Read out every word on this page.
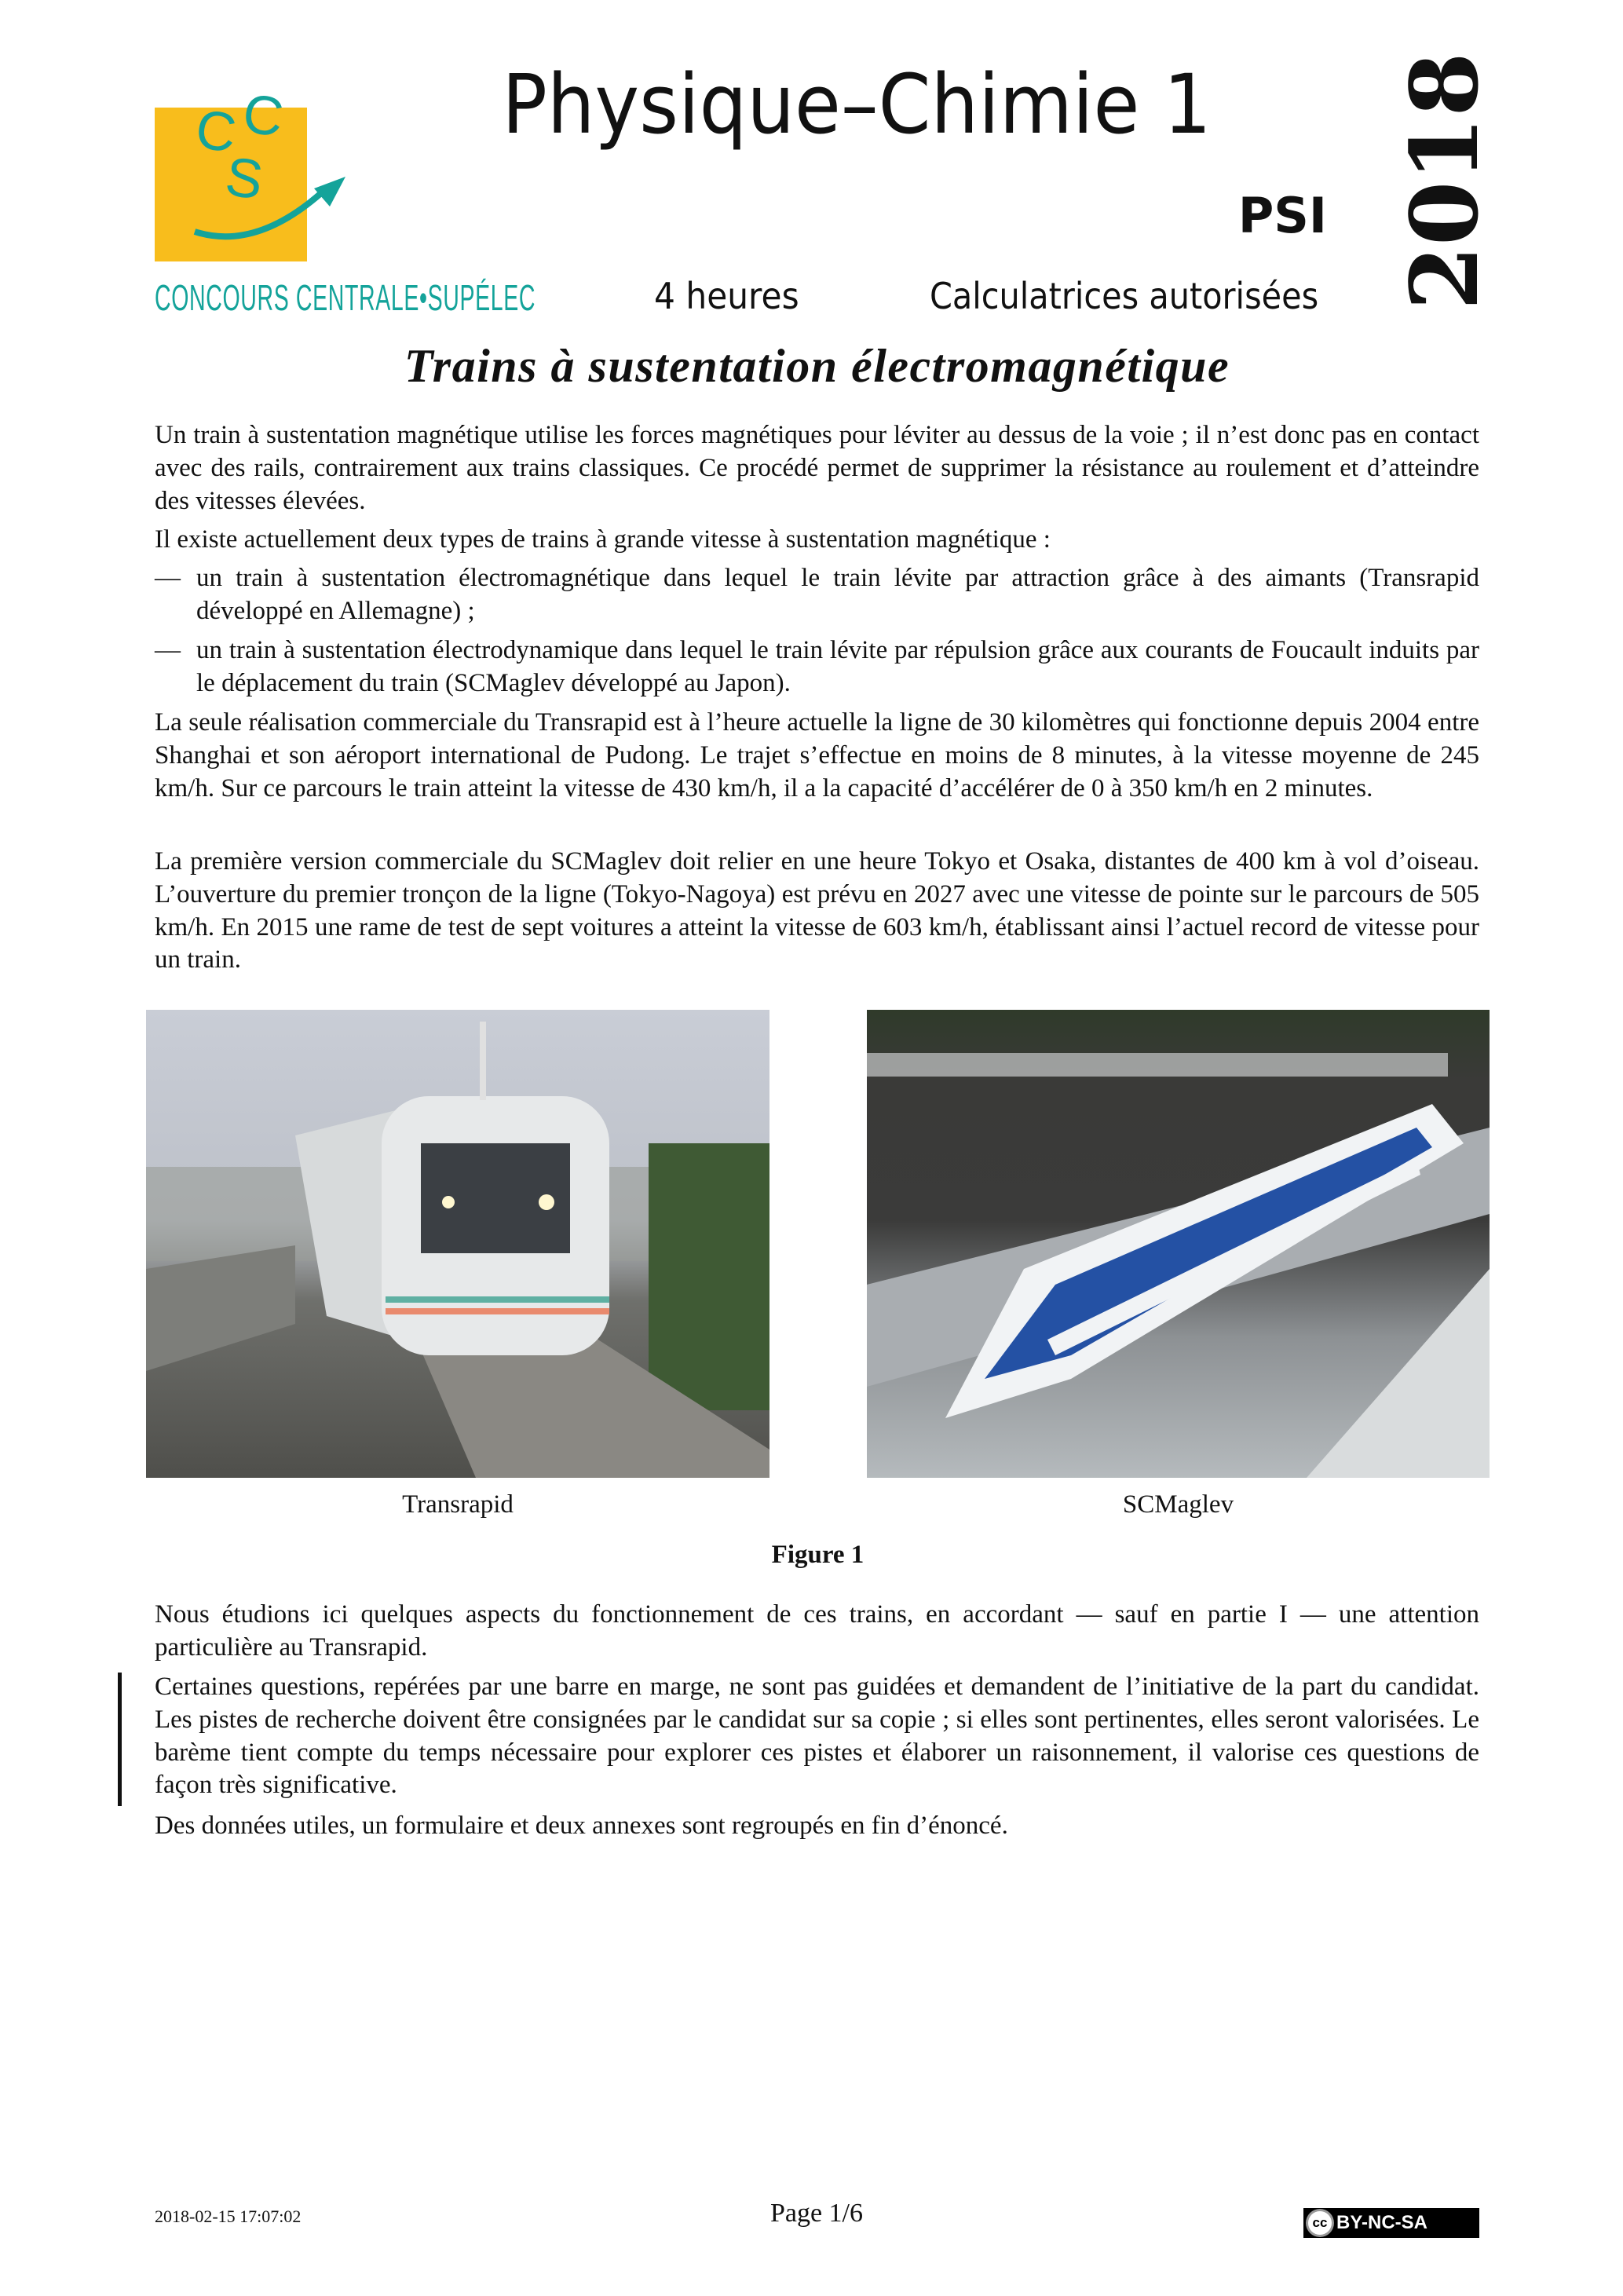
C C
S
CONCOURS CENTRALE•SUPÉLEC
Physique–Chimie 1
PSI 2018
4 heures	Calculatrices autorisées
Trains à sustentation électromagnétique
Un train à sustentation magnétique utilise les forces magnétiques pour léviter au dessus de la voie ; il n’est donc pas en contact avec des rails, contrairement aux trains classiques. Ce procédé permet de supprimer la résistance au roulement et d’atteindre des vitesses élevées.
Il existe actuellement deux types de trains à grande vitesse à sustentation magnétique :
— un train à sustentation électromagnétique dans lequel le train lévite par attraction grâce à des aimants (Transrapid développé en Allemagne) ;
— un train à sustentation électrodynamique dans lequel le train lévite par répulsion grâce aux courants de Foucault induits par le déplacement du train (SCMaglev développé au Japon).
La seule réalisation commerciale du Transrapid est à l’heure actuelle la ligne de 30 kilomètres qui fonctionne depuis 2004 entre Shanghai et son aéroport international de Pudong. Le trajet s’effectue en moins de 8 minutes, à la vitesse moyenne de 245 km/h. Sur ce parcours le train atteint la vitesse de 430 km/h, il a la capacité d’accélérer de 0 à 350 km/h en 2 minutes.
La première version commerciale du SCMaglev doit relier en une heure Tokyo et Osaka, distantes de 400 km à vol d’oiseau. L’ouverture du premier tronçon de la ligne (Tokyo-Nagoya) est prévu en 2027 avec une vitesse de pointe sur le parcours de 505 km/h. En 2015 une rame de test de sept voitures a atteint la vitesse de 603 km/h, établissant ainsi l’actuel record de vitesse pour un train.
Transrapid	SCMaglev
Figure 1
Nous étudions ici quelques aspects du fonctionnement de ces trains, en accordant — sauf en partie I — une attention particulière au Transrapid.
Certaines questions, repérées par une barre en marge, ne sont pas guidées et demandent de l’initiative de la part du candidat. Les pistes de recherche doivent être consignées par le candidat sur sa copie ; si elles sont pertinentes, elles seront valorisées. Le barème tient compte du temps nécessaire pour explorer ces pistes et élaborer un raisonnement, il valorise ces questions de façon très significative.
Des données utiles, un formulaire et deux annexes sont regroupés en fin d’énoncé.
2018-02-15 17:07:02	Page 1/6	cc BY-NC-SA
